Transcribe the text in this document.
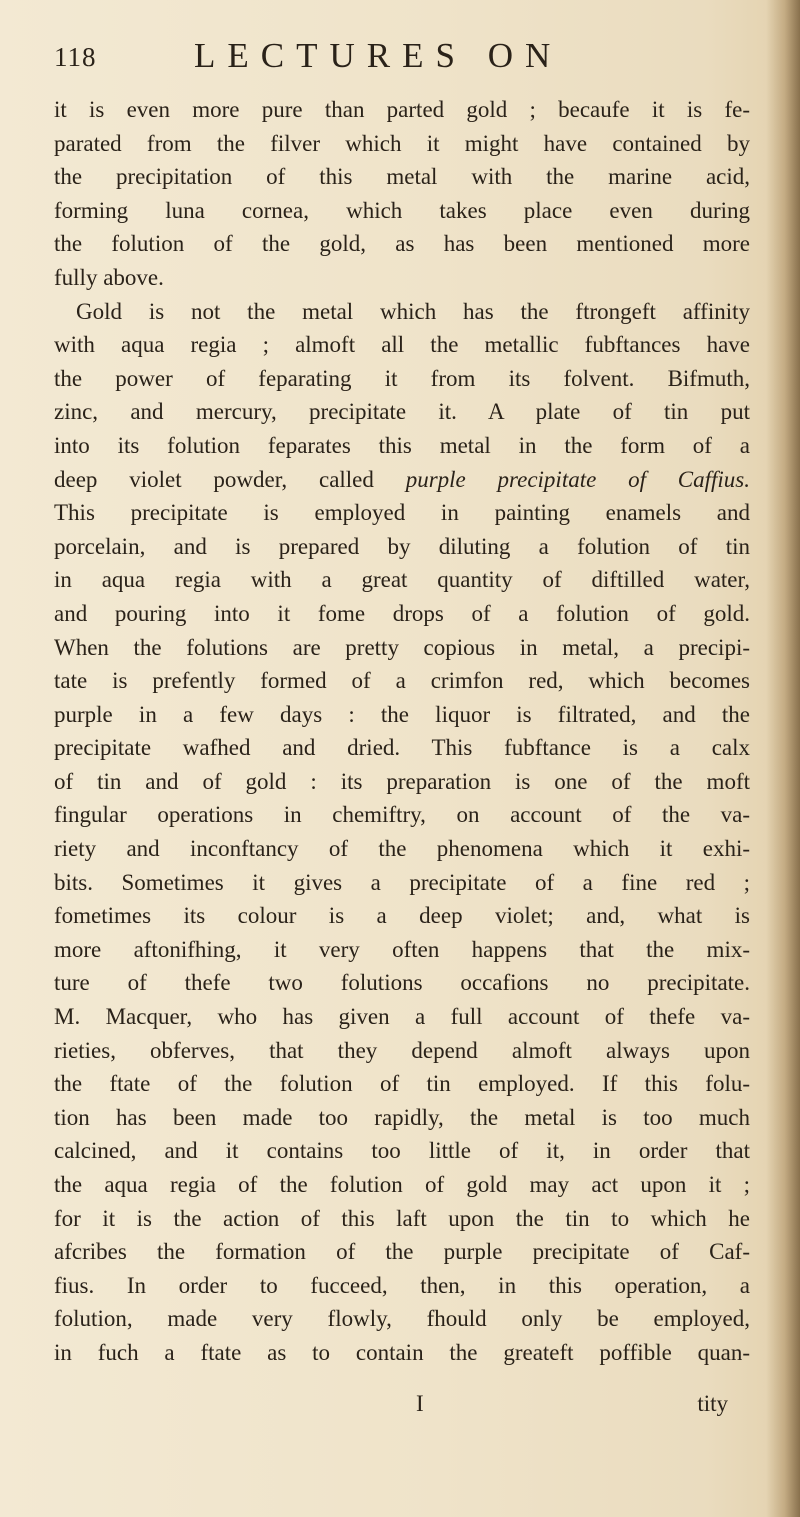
118	LECTURES ON
it is even more pure than parted gold ; becaufe it is fe-
parated from the filver which it might have contained by
the precipitation of this metal with the marine acid,
forming luna cornea, which takes place even during
the folution of the gold, as has been mentioned more
fully above.
Gold is not the metal which has the ftrongeft affinity
with aqua regia ; almoft all the metallic fubftances have
the power of feparating it from its folvent. Bifmuth,
zinc, and mercury, precipitate it. A plate of tin put
into its folution feparates this metal in the form of a
deep violet powder, called purple precipitate of Caffius.
This precipitate is employed in painting enamels and
porcelain, and is prepared by diluting a folution of tin
in aqua regia with a great quantity of diftilled water,
and pouring into it fome drops of a folution of gold.
When the folutions are pretty copious in metal, a precipi-
tate is prefently formed of a crimfon red, which becomes
purple in a few days : the liquor is filtrated, and the
precipitate wafhed and dried. This fubftance is a calx
of tin and of gold : its preparation is one of the moft
fingular operations in chemiftry, on account of the va-
riety and inconftancy of the phenomena which it exhi-
bits. Sometimes it gives a precipitate of a fine red ;
fometimes its colour is a deep violet; and, what is
more aftonifhing, it very often happens that the mix-
ture of thefe two folutions occafions no precipitate.
M. Macquer, who has given a full account of thefe va-
rieties, obferves, that they depend almoft always upon
the ftate of the folution of tin employed. If this folu-
tion has been made too rapidly, the metal is too much
calcined, and it contains too little of it, in order that
the aqua regia of the folution of gold may act upon it ;
for it is the action of this laft upon the tin to which he
afcribes the formation of the purple precipitate of Caf-
fius. In order to fucceed, then, in this operation, a
folution, made very flowly, fhould only be employed,
in fuch a ftate as to contain the greateft poffible quan-
I	tity
